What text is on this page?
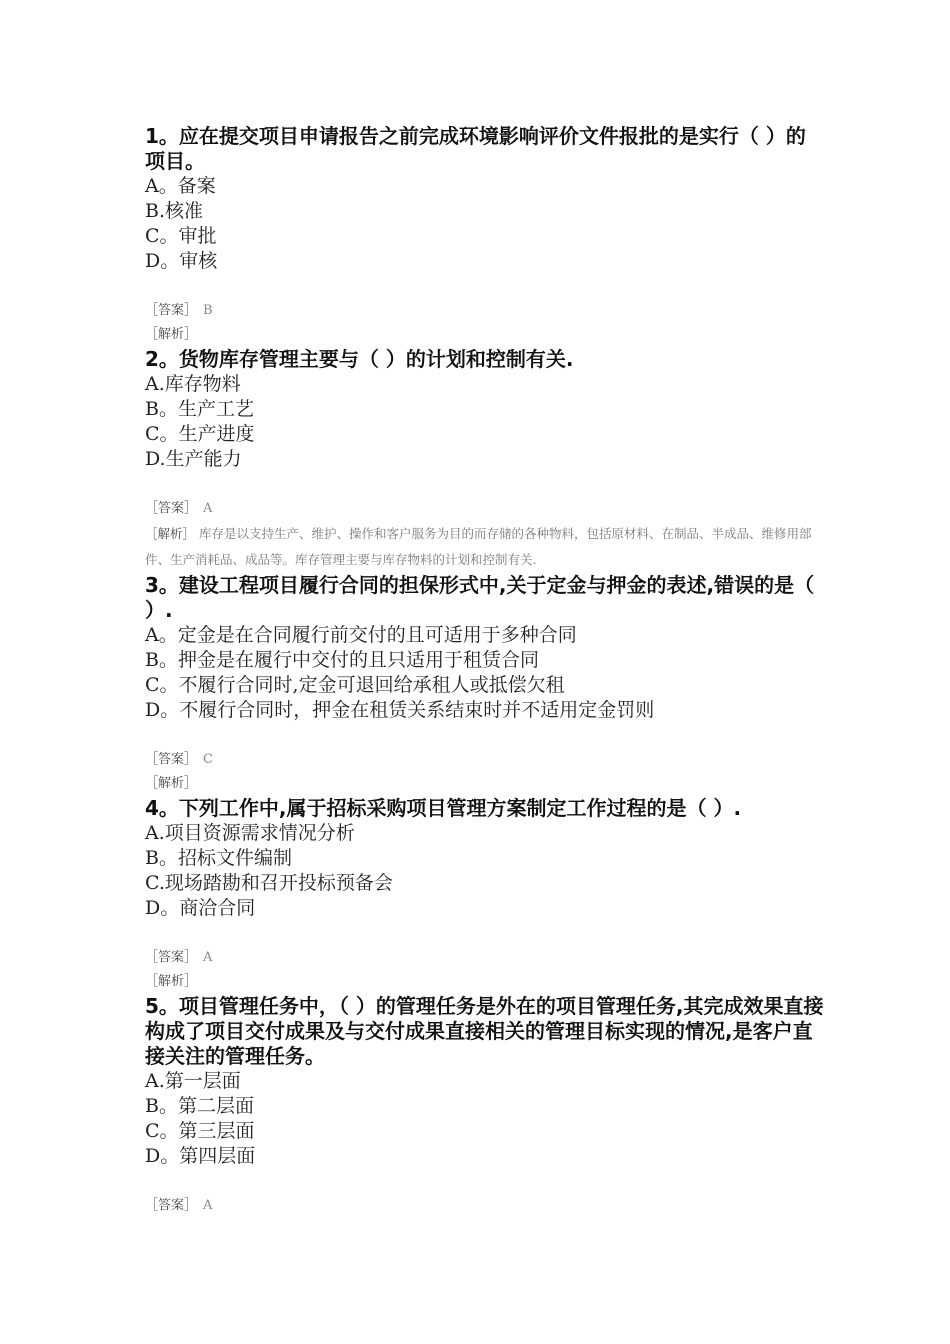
1。应在提交项目申请报告之前完成环境影响评价文件报批的是实行（ ）的项目。

A。备案
B.核准
C。审批
D。审核
［答案］ B
［解析］

2。货物库存管理主要与（ ）的计划和控制有关.

A.库存物料
B。生产工艺
C。生产进度
D.生产能力
［答案］ A
［解析］ 库存是以支持生产、维护、操作和客户服务为目的而存储的各种物料，包括原材料、在制品、半成品、维修用部件、生产消耗品、成品等。库存管理主要与库存物料的计划和控制有关.

3。建设工程项目履行合同的担保形式中,关于定金与押金的表述,错误的是（ ）.

A。定金是在合同履行前交付的且可适用于多种合同
B。押金是在履行中交付的且只适用于租赁合同
C。不履行合同时,定金可退回给承租人或抵偿欠租
D。不履行合同时，押金在租赁关系结束时并不适用定金罚则
［答案］ C
［解析］

4。下列工作中,属于招标采购项目管理方案制定工作过程的是（ ）.

A.项目资源需求情况分析
B。招标文件编制
C.现场踏勘和召开投标预备会
D。商洽合同
［答案］ A
［解析］

5。项目管理任务中，（ ）的管理任务是外在的项目管理任务,其完成效果直接构成了项目交付成果及与交付成果直接相关的管理目标实现的情况,是客户直接关注的管理任务。

A.第一层面
B。第二层面
C。第三层面
D。第四层面
［答案］ A
